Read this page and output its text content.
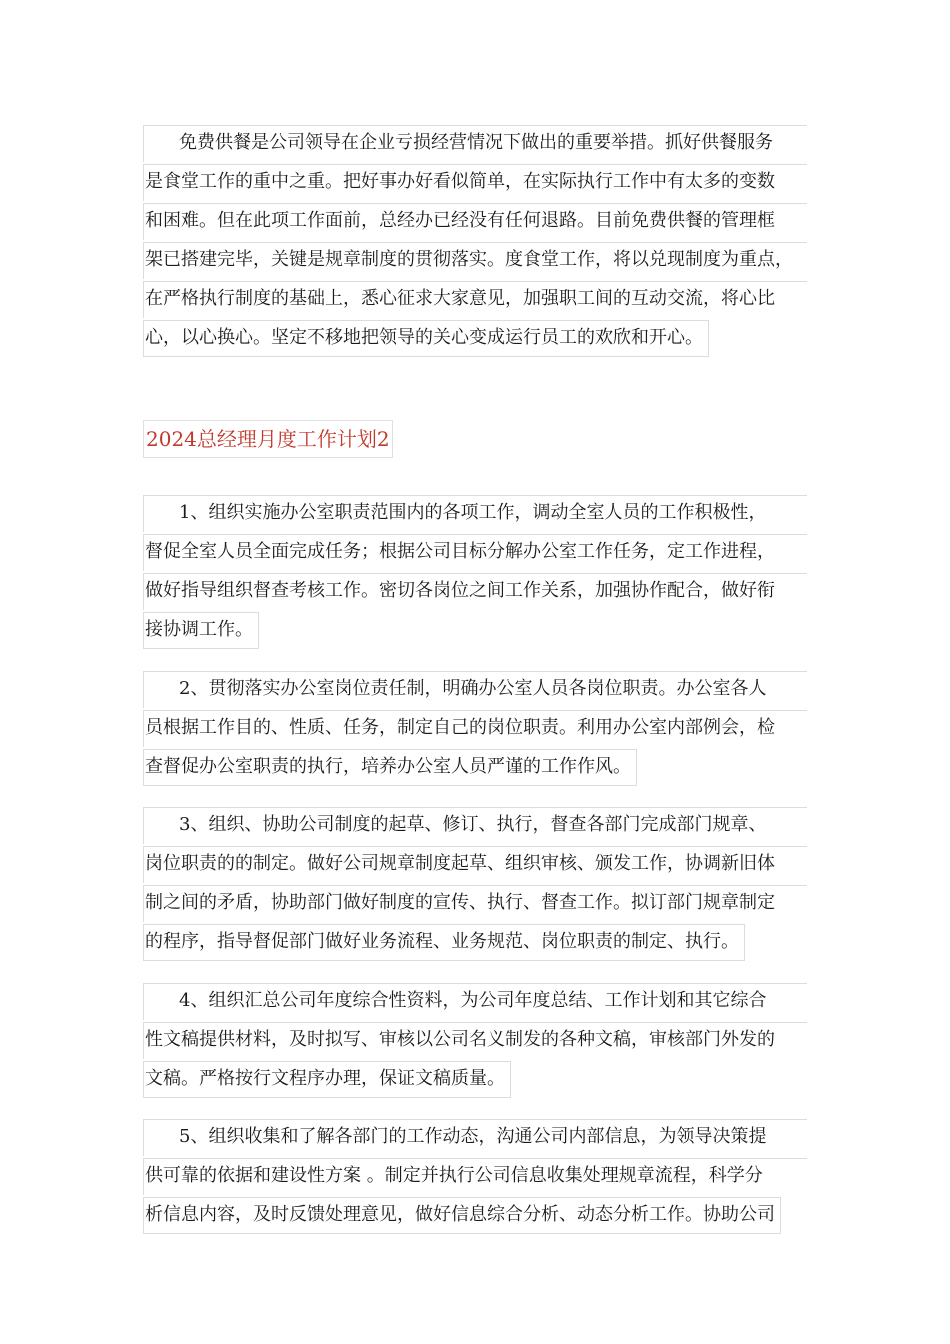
免费供餐是公司领导在企业亏损经营情况下做出的重要举措。抓好供餐服务
是食堂工作的重中之重。把好事办好看似简单，在实际执行工作中有太多的变数
和困难。但在此项工作面前，总经办已经没有任何退路。目前免费供餐的管理框
架已搭建完毕，关键是规章制度的贯彻落实。度食堂工作，将以兑现制度为重点，
在严格执行制度的基础上，悉心征求大家意见，加强职工间的互动交流，将心比
心，以心换心。坚定不移地把领导的关心变成运行员工的欢欣和开心。
2024总经理月度工作计划2
1、组织实施办公室职责范围内的各项工作，调动全室人员的工作积极性，
督促全室人员全面完成任务；根据公司目标分解办公室工作任务，定工作进程，
做好指导组织督查考核工作。密切各岗位之间工作关系，加强协作配合，做好衔
接协调工作。
2、贯彻落实办公室岗位责任制，明确办公室人员各岗位职责。办公室各人
员根据工作目的、性质、任务，制定自己的岗位职责。利用办公室内部例会，检
查督促办公室职责的执行，培养办公室人员严谨的工作作风。
3、组织、协助公司制度的起草、修订、执行，督查各部门完成部门规章、
岗位职责的的制定。做好公司规章制度起草、组织审核、颁发工作，协调新旧体
制之间的矛盾，协助部门做好制度的宣传、执行、督查工作。拟订部门规章制定
的程序，指导督促部门做好业务流程、业务规范、岗位职责的制定、执行。
4、组织汇总公司年度综合性资料，为公司年度总结、工作计划和其它综合
性文稿提供材料，及时拟写、审核以公司名义制发的各种文稿，审核部门外发的
文稿。严格按行文程序办理，保证文稿质量。
5、组织收集和了解各部门的工作动态，沟通公司内部信息，为领导决策提
供可靠的依据和建设性方案 。制定并执行公司信息收集处理规章流程，科学分
析信息内容，及时反馈处理意见，做好信息综合分析、动态分析工作。协助公司
